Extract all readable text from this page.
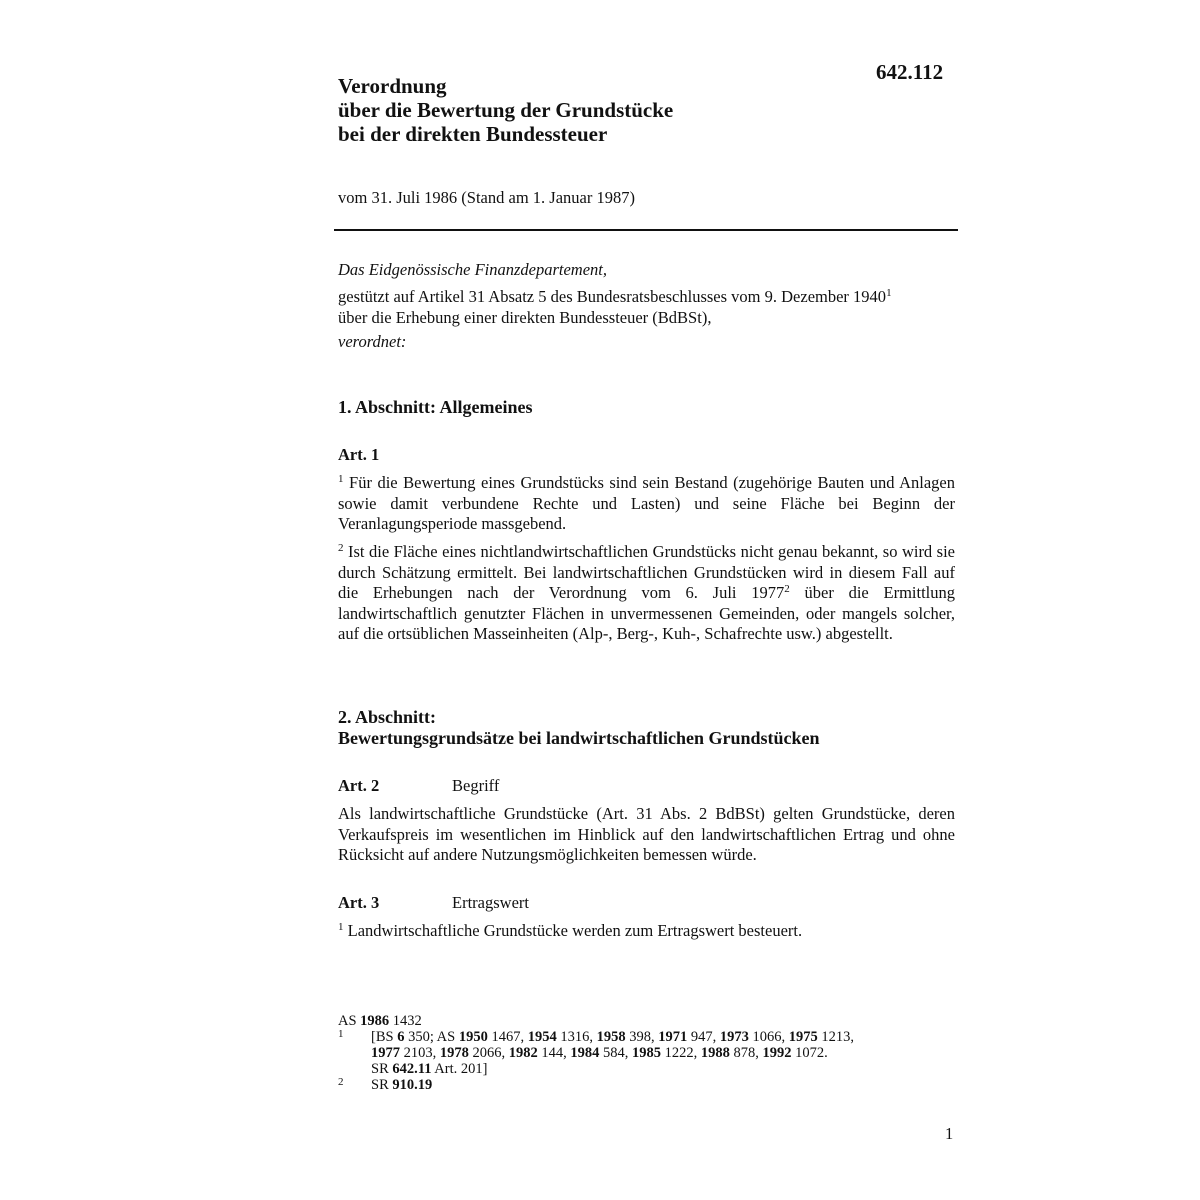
Verordnung
über die Bewertung der Grundstücke
bei der direkten Bundessteuer
642.112
vom 31. Juli 1986 (Stand am 1. Januar 1987)
Das Eidgenössische Finanzdepartement,
gestützt auf Artikel 31 Absatz 5 des Bundesratsbeschlusses vom 9. Dezember 1940$^1$
über die Erhebung einer direkten Bundessteuer (BdBSt),
verordnet:
1. Abschnitt: Allgemeines
Art. 1
$^1$ Für die Bewertung eines Grundstücks sind sein Bestand (zugehörige Bauten und Anlagen sowie damit verbundene Rechte und Lasten) und seine Fläche bei Beginn der Veranlagungsperiode massgebend.
$^2$ Ist die Fläche eines nichtlandwirtschaftlichen Grundstücks nicht genau bekannt, so wird sie durch Schätzung ermittelt. Bei landwirtschaftlichen Grundstücken wird in diesem Fall auf die Erhebungen nach der Verordnung vom 6. Juli 1977$^2$ über die Ermittlung landwirtschaftlich genutzter Flächen in unvermessenen Gemeinden, oder mangels solcher, auf die ortsüblichen Masseinheiten (Alp-, Berg-, Kuh-, Schafrechte usw.) abgestellt.
2. Abschnitt:
Bewertungsgrundsätze bei landwirtschaftlichen Grundstücken
Art. 2	Begriff
Als landwirtschaftliche Grundstücke (Art. 31 Abs. 2 BdBSt) gelten Grundstücke, deren Verkaufspreis im wesentlichen im Hinblick auf den landwirtschaftlichen Ertrag und ohne Rücksicht auf andere Nutzungsmöglichkeiten bemessen würde.
Art. 3	Ertragswert
$^1$ Landwirtschaftliche Grundstücke werden zum Ertragswert besteuert.
AS 1986 1432
1 [BS 6 350; AS 1950 1467, 1954 1316, 1958 398, 1971 947, 1973 1066, 1975 1213,
1977 2103, 1978 2066, 1982 144, 1984 584, 1985 1222, 1988 878, 1992 1072.
SR 642.11 Art. 201]
2 SR 910.19
1
